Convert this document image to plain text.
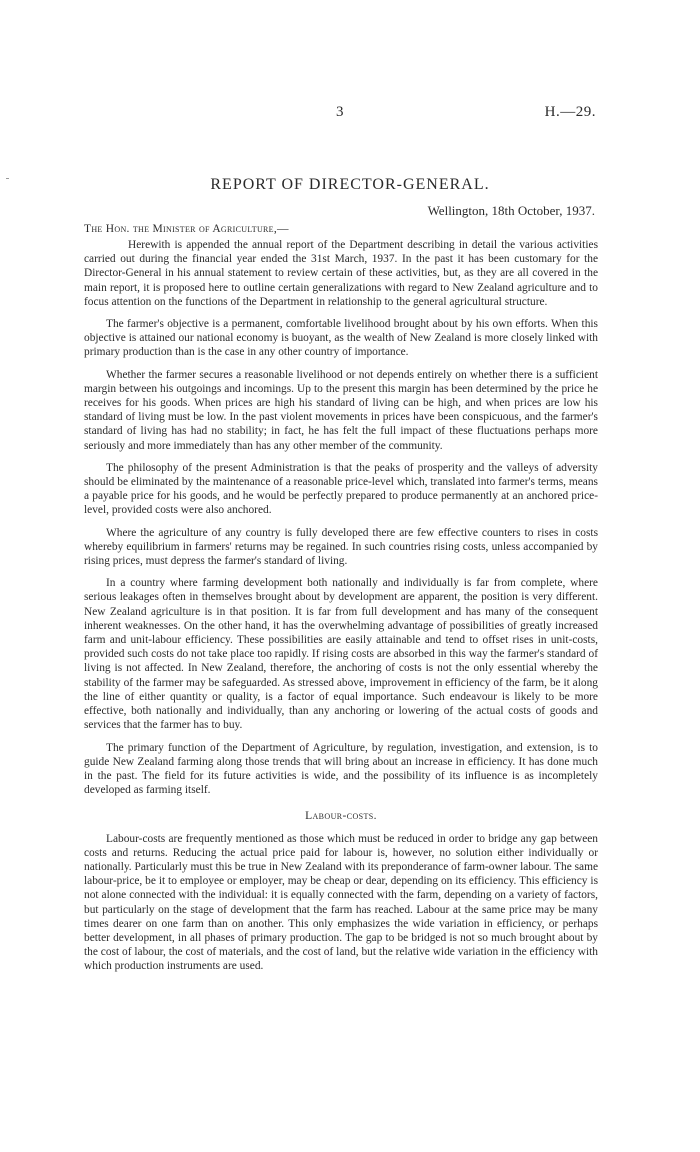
3	H.—29.
REPORT OF DIRECTOR-GENERAL.
Wellington, 18th October, 1937.
The Hon. the Minister of Agriculture,—

Herewith is appended the annual report of the Department describing in detail the various activities carried out during the financial year ended the 31st March, 1937. In the past it has been customary for the Director-General in his annual statement to review certain of these activities, but, as they are all covered in the main report, it is proposed here to outline certain generalizations with regard to New Zealand agriculture and to focus attention on the functions of the Department in relationship to the general agricultural structure.

The farmer's objective is a permanent, comfortable livelihood brought about by his own efforts. When this objective is attained our national economy is buoyant, as the wealth of New Zealand is more closely linked with primary production than is the case in any other country of importance.

Whether the farmer secures a reasonable livelihood or not depends entirely on whether there is a sufficient margin between his outgoings and incomings. Up to the present this margin has been determined by the price he receives for his goods. When prices are high his standard of living can be high, and when prices are low his standard of living must be low. In the past violent movements in prices have been conspicuous, and the farmer's standard of living has had no stability; in fact, he has felt the full impact of these fluctuations perhaps more seriously and more immediately than has any other member of the community.

The philosophy of the present Administration is that the peaks of prosperity and the valleys of adversity should be eliminated by the maintenance of a reasonable price-level which, translated into farmer's terms, means a payable price for his goods, and he would be perfectly prepared to produce permanently at an anchored price-level, provided costs were also anchored.

Where the agriculture of any country is fully developed there are few effective counters to rises in costs whereby equilibrium in farmers' returns may be regained. In such countries rising costs, unless accompanied by rising prices, must depress the farmer's standard of living.

In a country where farming development both nationally and individually is far from complete, where serious leakages often in themselves brought about by development are apparent, the position is very different. New Zealand agriculture is in that position. It is far from full development and has many of the consequent inherent weaknesses. On the other hand, it has the overwhelming advantage of possibilities of greatly increased farm and unit-labour efficiency. These possibilities are easily attainable and tend to offset rises in unit-costs, provided such costs do not take place too rapidly. If rising costs are absorbed in this way the farmer's standard of living is not affected. In New Zealand, therefore, the anchoring of costs is not the only essential whereby the stability of the farmer may be safeguarded. As stressed above, improvement in efficiency of the farm, be it along the line of either quantity or quality, is a factor of equal importance. Such endeavour is likely to be more effective, both nationally and individually, than any anchoring or lowering of the actual costs of goods and services that the farmer has to buy.

The primary function of the Department of Agriculture, by regulation, investigation, and extension, is to guide New Zealand farming along those trends that will bring about an increase in efficiency. It has done much in the past. The field for its future activities is wide, and the possibility of its influence is as incompletely developed as farming itself.

Labour-costs.

Labour-costs are frequently mentioned as those which must be reduced in order to bridge any gap between costs and returns. Reducing the actual price paid for labour is, however, no solution either individually or nationally. Particularly must this be true in New Zealand with its preponderance of farm-owner labour. The same labour-price, be it to employee or employer, may be cheap or dear, depending on its efficiency. This efficiency is not alone connected with the individual: it is equally connected with the farm, depending on a variety of factors, but particularly on the stage of development that the farm has reached. Labour at the same price may be many times dearer on one farm than on another. This only emphasizes the wide variation in efficiency, or perhaps better development, in all phases of primary production. The gap to be bridged is not so much brought about by the cost of labour, the cost of materials, and the cost of land, but the relative wide variation in the efficiency with which production instruments are used.
